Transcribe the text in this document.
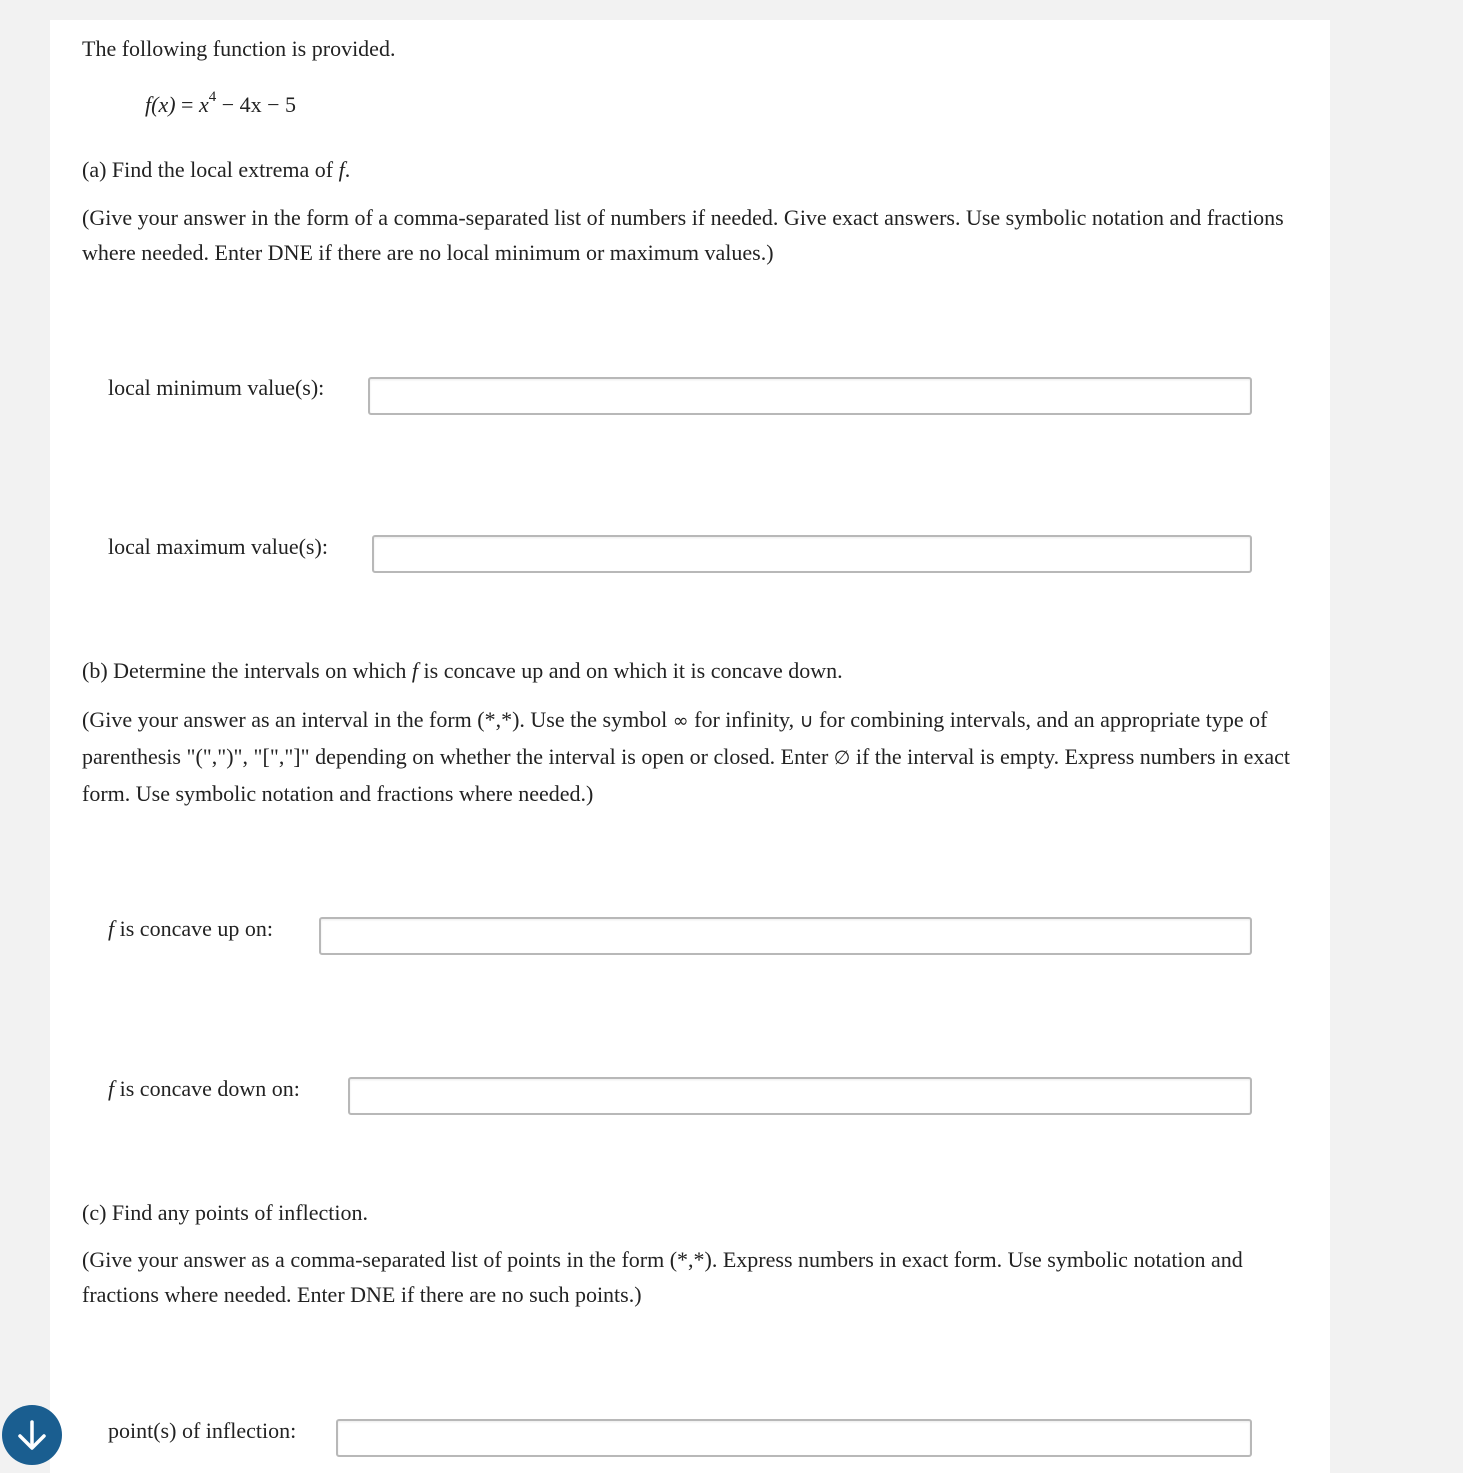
The following function is provided.
$f(x) = x^4 - 4x - 5$
(a) Find the local extrema of f.
(Give your answer in the form of a comma-separated list of numbers if needed. Give exact answers. Use symbolic notation and fractions where needed. Enter DNE if there are no local minimum or maximum values.)
local minimum value(s):
local maximum value(s):
(b) Determine the intervals on which f is concave up and on which it is concave down.
(Give your answer as an interval in the form (*,*). Use the symbol ∞ for infinity, ∪ for combining intervals, and an appropriate type of parenthesis "(",")", "[","]" depending on whether the interval is open or closed. Enter ∅ if the interval is empty. Express numbers in exact form. Use symbolic notation and fractions where needed.)
f is concave up on:
f is concave down on:
(c) Find any points of inflection.
(Give your answer as a comma-separated list of points in the form (*,*). Express numbers in exact form. Use symbolic notation and fractions where needed. Enter DNE if there are no such points.)
point(s) of inflection:
